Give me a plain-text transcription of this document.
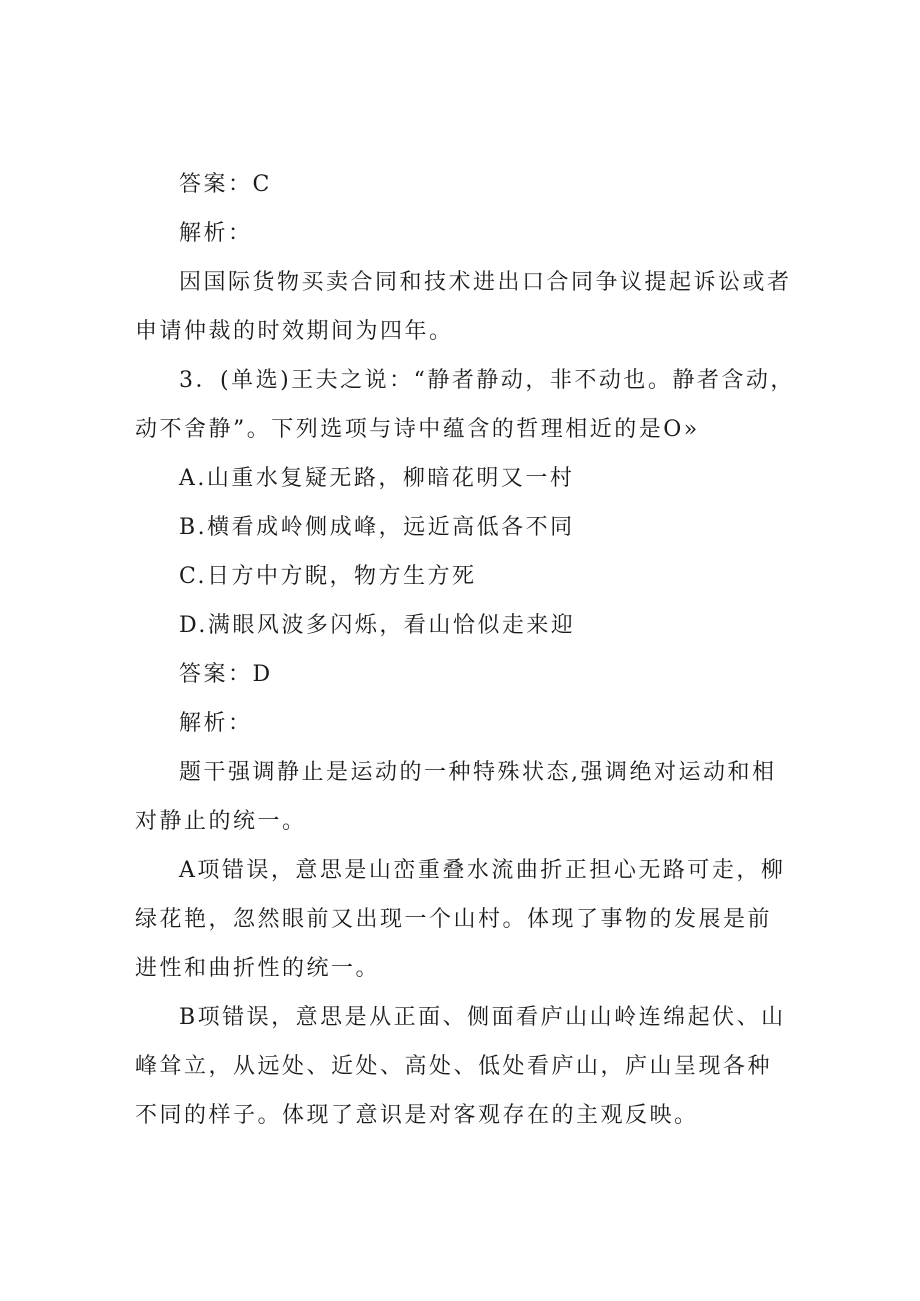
答案：C

解析：

因国际货物买卖合同和技术进出口合同争议提起诉讼或者申请仲裁的时效期间为四年。

3．(单选)王夫之说：“静者静动，非不动也。静者含动，动不舍静”。下列选项与诗中蕴含的哲理相近的是O»

A.山重水复疑无路，柳暗花明又一村

B.横看成岭侧成峰，远近高低各不同

C.日方中方睨，物方生方死

D.满眼风波多闪烁，看山恰似走来迎

答案：D

解析：

题干强调静止是运动的一种特殊状态,强调绝对运动和相对静止的统一。

A项错误，意思是山峦重叠水流曲折正担心无路可走，柳绿花艳，忽然眼前又出现一个山村。体现了事物的发展是前进性和曲折性的统一。

B项错误，意思是从正面、侧面看庐山山岭连绵起伏、山峰耸立，从远处、近处、高处、低处看庐山，庐山呈现各种不同的样子。体现了意识是对客观存在的主观反映。
